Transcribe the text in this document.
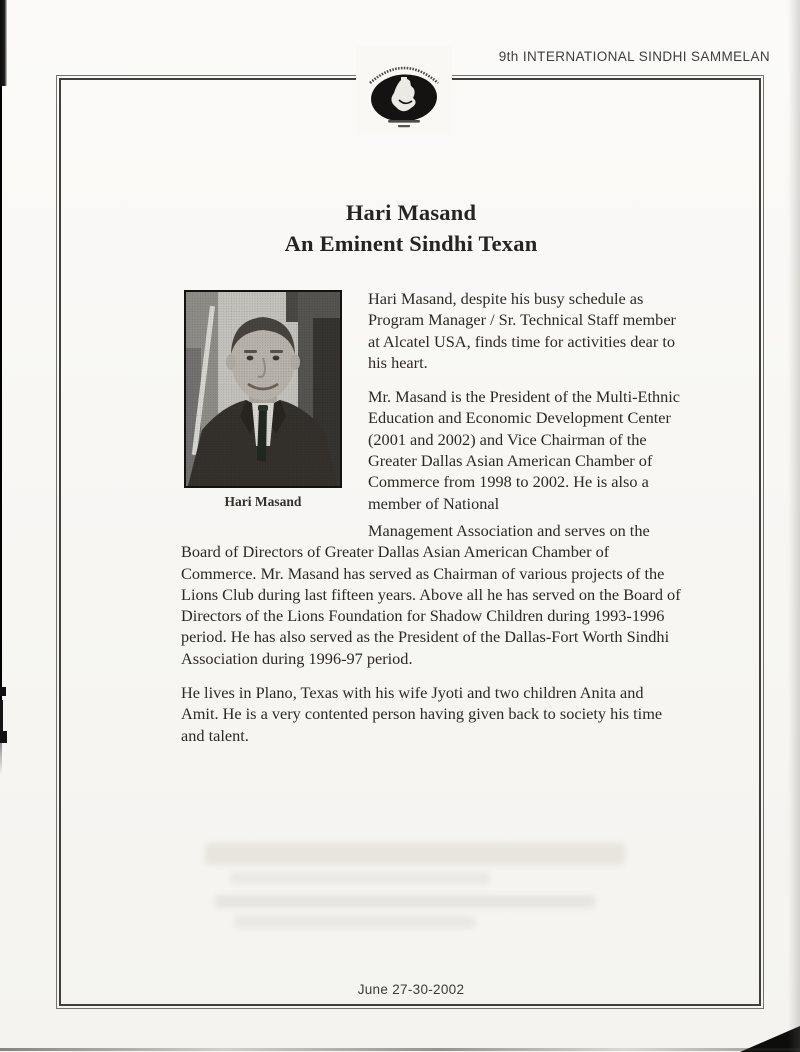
9th INTERNATIONAL SINDHI SAMMELAN
Hari Masand
An Eminent Sindhi Texan
Hari Masand

Hari Masand, despite his busy schedule as Program Manager / Sr. Technical Staff member at Alcatel USA, finds time for activities dear to his heart.

Mr. Masand is the President of the Multi-Ethnic Education and Economic Development Center (2001 and 2002) and Vice Chairman of the Greater Dallas Asian American Chamber of Commerce from 1998 to 2002. He is also a member of National

Management Association and serves on the Board of Directors of Greater Dallas Asian American Chamber of Commerce. Mr. Masand has served as Chairman of various projects of the Lions Club during last fifteen years. Above all he has served on the Board of Directors of the Lions Foundation for Shadow Children during 1993-1996 period. He has also served as the President of the Dallas-Fort Worth Sindhi Association during 1996-97 period.

He lives in Plano, Texas with his wife Jyoti and two children Anita and Amit. He is a very contented person having given back to society his time and talent.

June 27-30-2002
